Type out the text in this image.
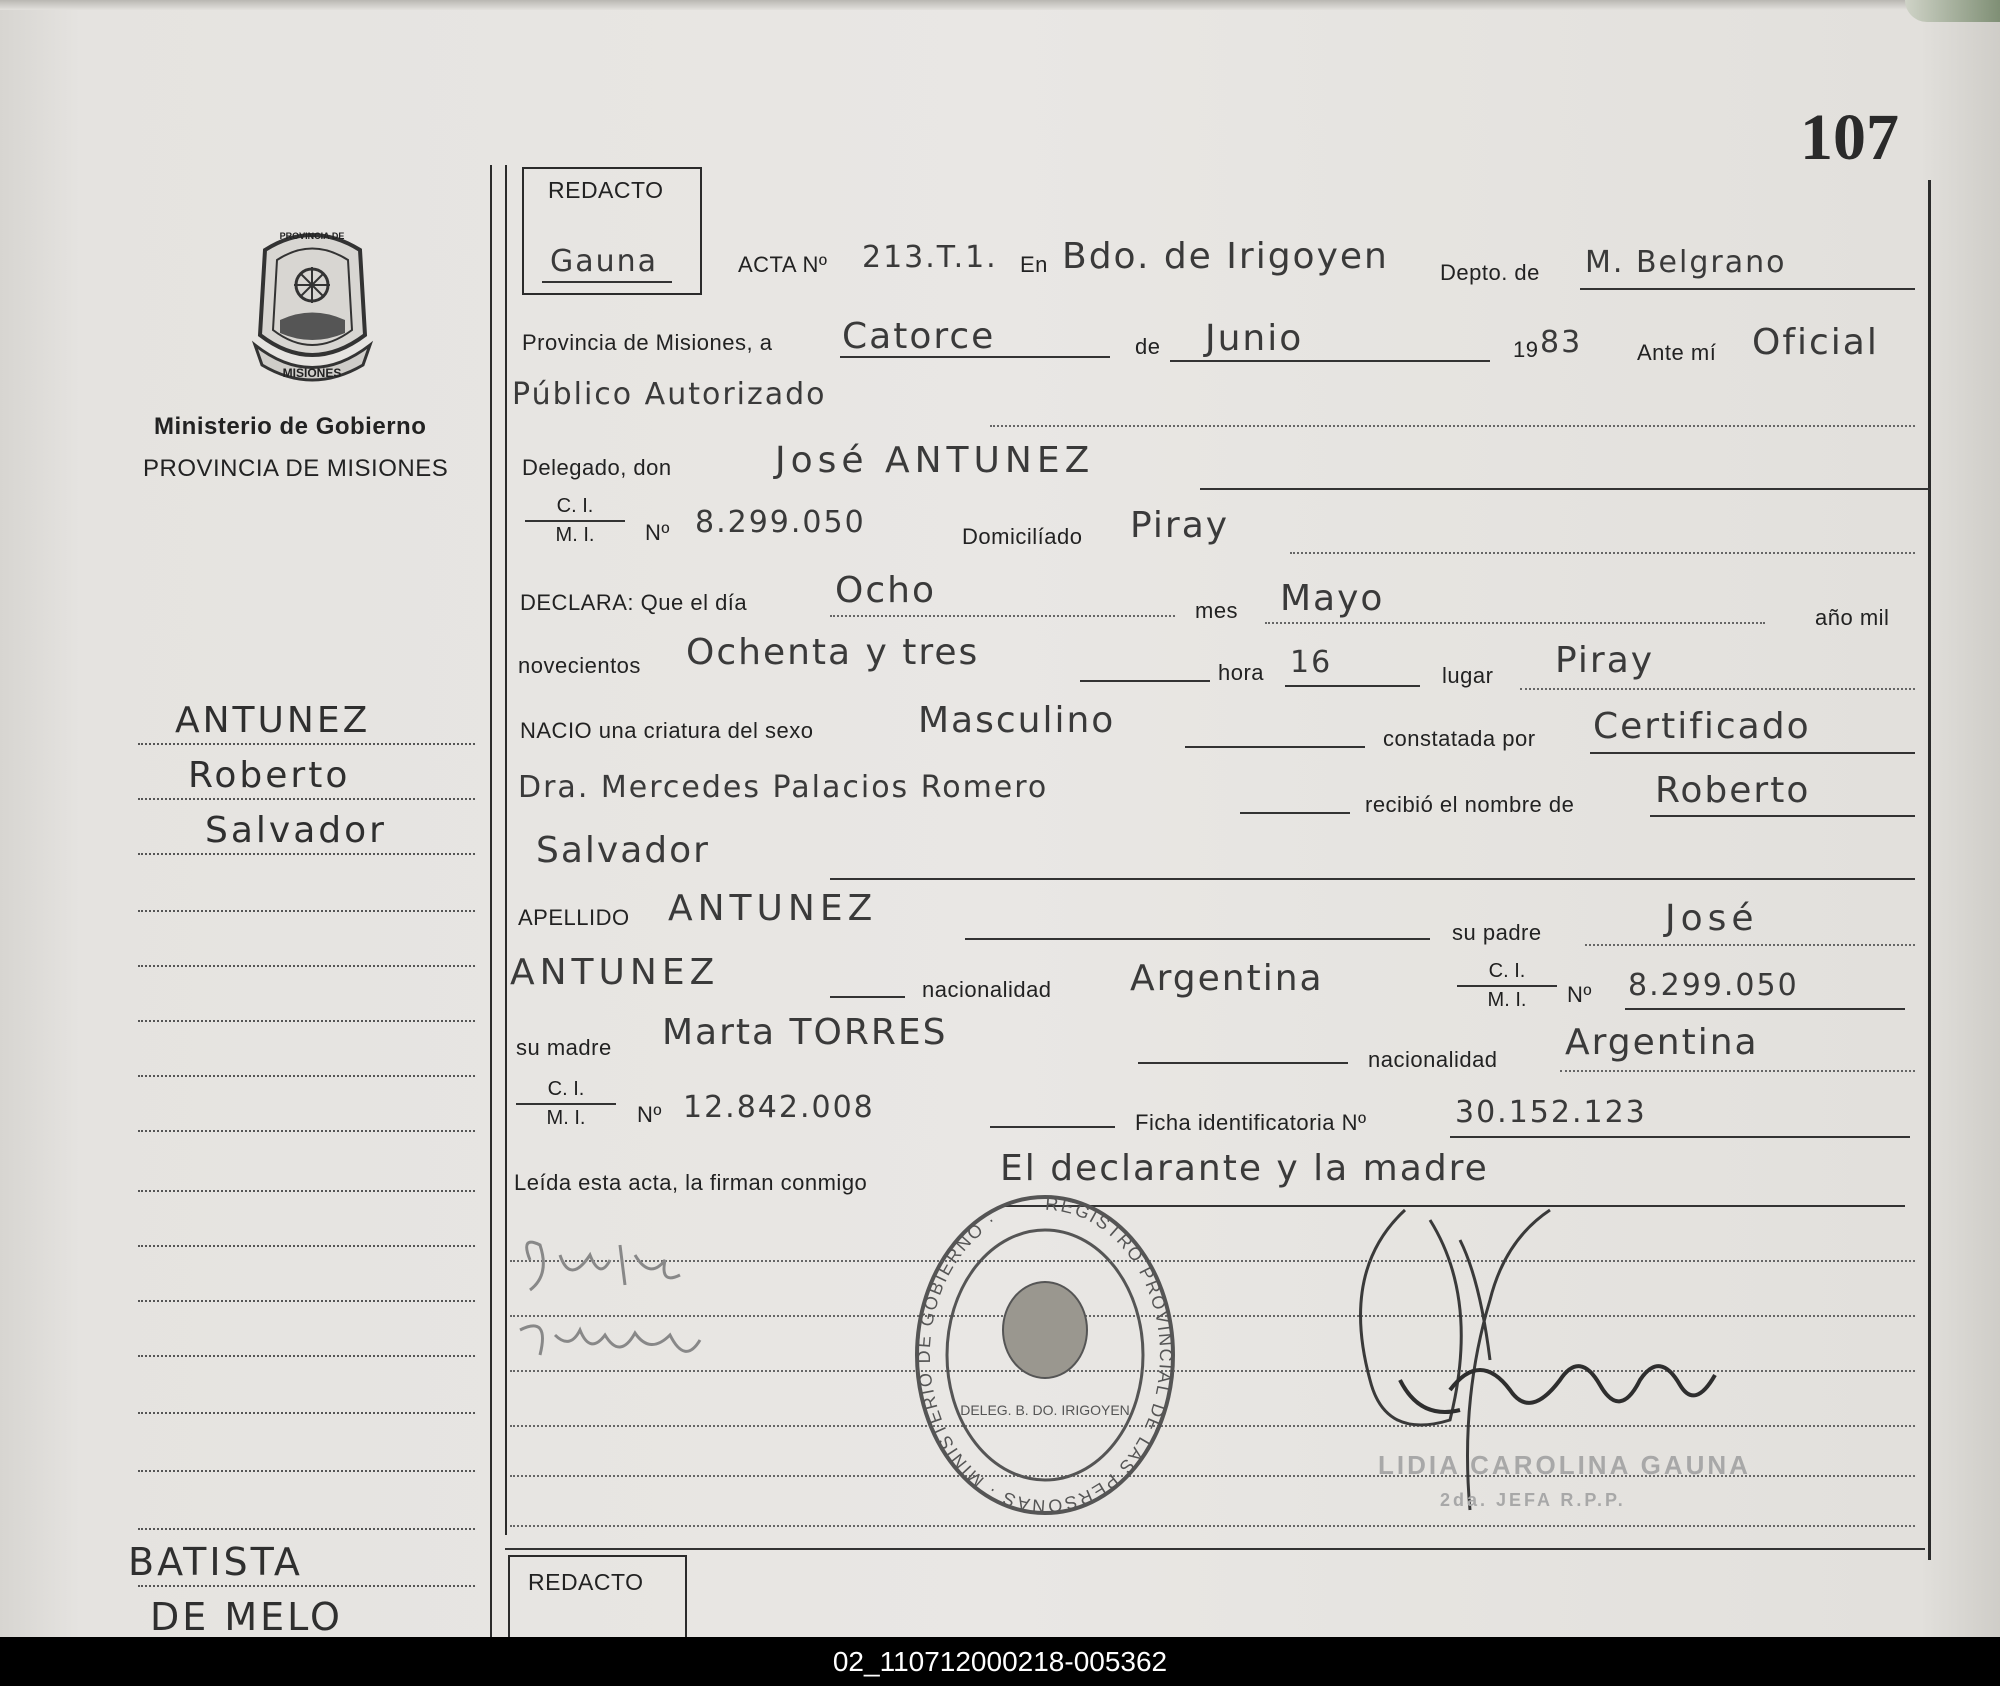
MISIONES
PROVINCIA DE
Ministerio de Gobierno
PROVINCIA DE MISIONES
107
REDACTO
Gauna	ACTA Nº 213.T.1. En Bdo. de Irigoyen Depto. de M. Belgrano
Provincia de Misiones, a Catorce	de Junio	19 83 Ante mí Oficial
Público Autorizado
Delegado, don	José ANTUNEZ
C. I.
M. I.	Nº 8.299.050	Domicilíado Piray
DECLARA: Que el día Ocho	mes Mayo	año mil
novecientos Ochenta y tres	hora 16	lugar Piray
NACIO una criatura del sexo	Masculino	constatada por Certificado
Dra. Mercedes Palacios Romero	recibió el nombre de Roberto
Salvador
APELLIDO ANTUNEZ
su padre	José
ANTUNEZ	nacionalidad Argentina	C. I.
M. I.	Nº 8.299.050
su madre Marta TORRES
nacionalidad Argentina
C. I.
M. I.	Nº 12.842.008	Ficha identificatoria Nº	30.152.123
Leída esta acta, la firman conmigo	El declarante y la madre
LIDIA CAROLINA GAUNA
2da. JEFA R.P.P.
REGISTRO PROVINCIAL DE LAS PERSONAS · MINISTERIO DE GOBIERNO ·
DELEG. B. DO. IRIGOYEN
REDACTO
ANTUNEZ
Roberto
Salvador
BATISTA
DE MELO
02_110712000218-005362
